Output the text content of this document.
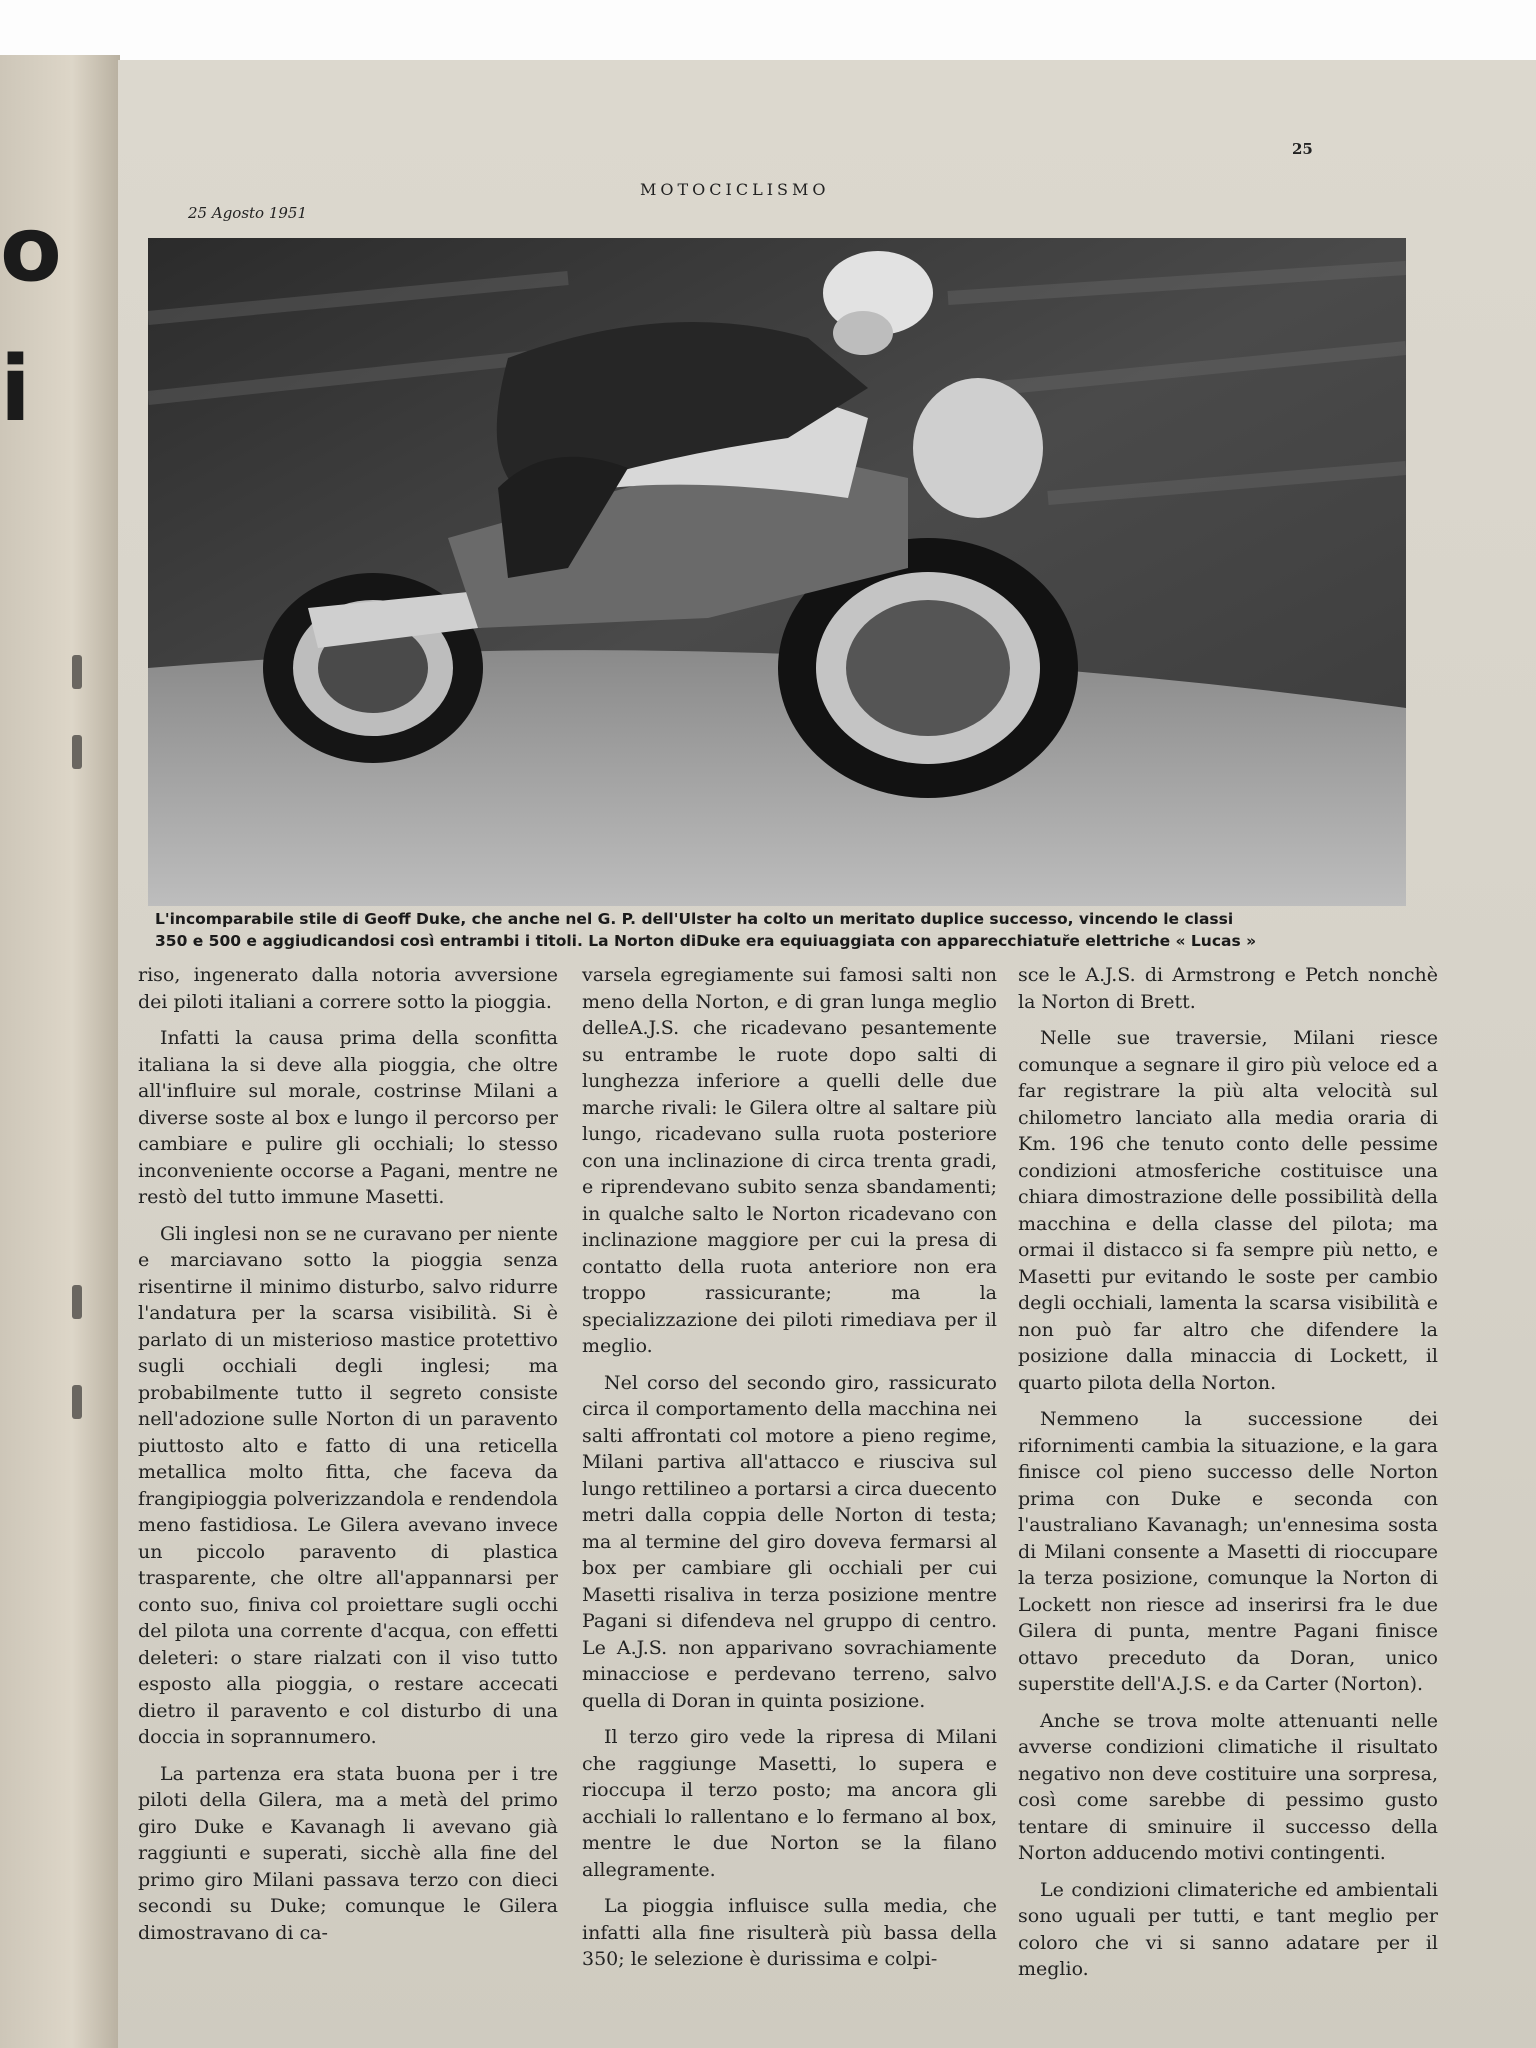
o
i
25
25 Agosto 1951
MOTOCICLISMO
L'incomparabile stile di Geoff Duke, che anche nel G. P. dell'Ulster ha colto un meritato duplice successo, vincendo le classi
350 e 500 e aggiudicandosi così entrambi i titoli. La Norton diDuke era equiuaggiata con apparecchiatur̆e elettriche « Lucas »

riso, ingenerato dalla notoria avversione dei piloti italiani a correre sotto la pioggia.

Infatti la causa prima della sconfitta italiana la si deve alla pioggia, che oltre all'influire sul morale, costrinse Milani a diverse soste al box e lungo il percorso per cambiare e pulire gli occhiali; lo stesso inconveniente occorse a Pagani, mentre ne restò del tutto immune Masetti.

Gli inglesi non se ne curavano per niente e marciavano sotto la pioggia senza risentirne il minimo disturbo, salvo ridurre l'andatura per la scarsa visibilità. Si è parlato di un misterioso mastice protettivo sugli occhiali degli inglesi; ma probabilmente tutto il segreto consiste nell'adozione sulle Norton di un paravento piuttosto alto e fatto di una reticella metallica molto fitta, che faceva da frangipioggia polverizzandola e rendendola meno fastidiosa. Le Gilera avevano invece un piccolo paravento di plastica trasparente, che oltre all'appannarsi per conto suo, finiva col proiettare sugli occhi del pilota una corrente d'acqua, con effetti deleteri: o stare rialzati con il viso tutto esposto alla pioggia, o restare accecati dietro il paravento e col disturbo di una doccia in soprannumero.

La partenza era stata buona per i tre piloti della Gilera, ma a metà del primo giro Duke e Kavanagh li avevano già raggiunti e superati, sicchè alla fine del primo giro Milani passava terzo con dieci secondi su Duke; comunque le Gilera dimostravano di ca-

varsela egregiamente sui famosi salti non meno della Norton, e di gran lunga meglio delleA.J.S. che ricadevano pesantemente su entrambe le ruote dopo salti di lunghezza inferiore a quelli delle due marche rivali: le Gilera oltre al saltare più lungo, ricadevano sulla ruota posteriore con una inclinazione di circa trenta gradi, e riprendevano subito senza sbandamenti; in qualche salto le Norton ricadevano con inclinazione maggiore per cui la presa di contatto della ruota anteriore non era troppo rassicurante; ma la specializzazione dei piloti rimediava per il meglio.

Nel corso del secondo giro, rassicurato circa il comportamento della macchina nei salti affrontati col motore a pieno regime, Milani partiva all'attacco e riusciva sul lungo rettilineo a portarsi a circa duecento metri dalla coppia delle Norton di testa; ma al termine del giro doveva fermarsi al box per cambiare gli occhiali per cui Masetti risaliva in terza posizione mentre Pagani si difendeva nel gruppo di centro. Le A.J.S. non apparivano sovrachiamente minacciose e perdevano terreno, salvo quella di Doran in quinta posizione.

Il terzo giro vede la ripresa di Milani che raggiunge Masetti, lo supera e rioccupa il terzo posto; ma ancora gli acchiali lo rallentano e lo fermano al box, mentre le due Norton se la filano allegramente.

La pioggia influisce sulla media, che infatti alla fine risulterà più bassa della 350; le selezione è durissima e colpi-

sce le A.J.S. di Armstrong e Petch nonchè la Norton di Brett.

Nelle sue traversie, Milani riesce comunque a segnare il giro più veloce ed a far registrare la più alta velocità sul chilometro lanciato alla media oraria di Km. 196 che tenuto conto delle pessime condizioni atmosferiche costituisce una chiara dimostrazione delle possibilità della macchina e della classe del pilota; ma ormai il distacco si fa sempre più netto, e Masetti pur evitando le soste per cambio degli occhiali, lamenta la scarsa visibilità e non può far altro che difendere la posizione dalla minaccia di Lockett, il quarto pilota della Norton.

Nemmeno la successione dei rifornimenti cambia la situazione, e la gara finisce col pieno successo delle Norton prima con Duke e seconda con l'australiano Kavanagh; un'ennesima sosta di Milani consente a Masetti di rioccupare la terza posizione, comunque la Norton di Lockett non riesce ad inserirsi fra le due Gilera di punta, mentre Pagani finisce ottavo preceduto da Doran, unico superstite dell'A.J.S. e da Carter (Norton).

Anche se trova molte attenuanti nelle avverse condizioni climatiche il risultato negativo non deve costituire una sorpresa, così come sarebbe di pessimo gusto tentare di sminuire il successo della Norton adducendo motivi contingenti.

Le condizioni climateriche ed ambientali sono uguali per tutti, e tant meglio per coloro che vi si sanno adatare per il meglio.
